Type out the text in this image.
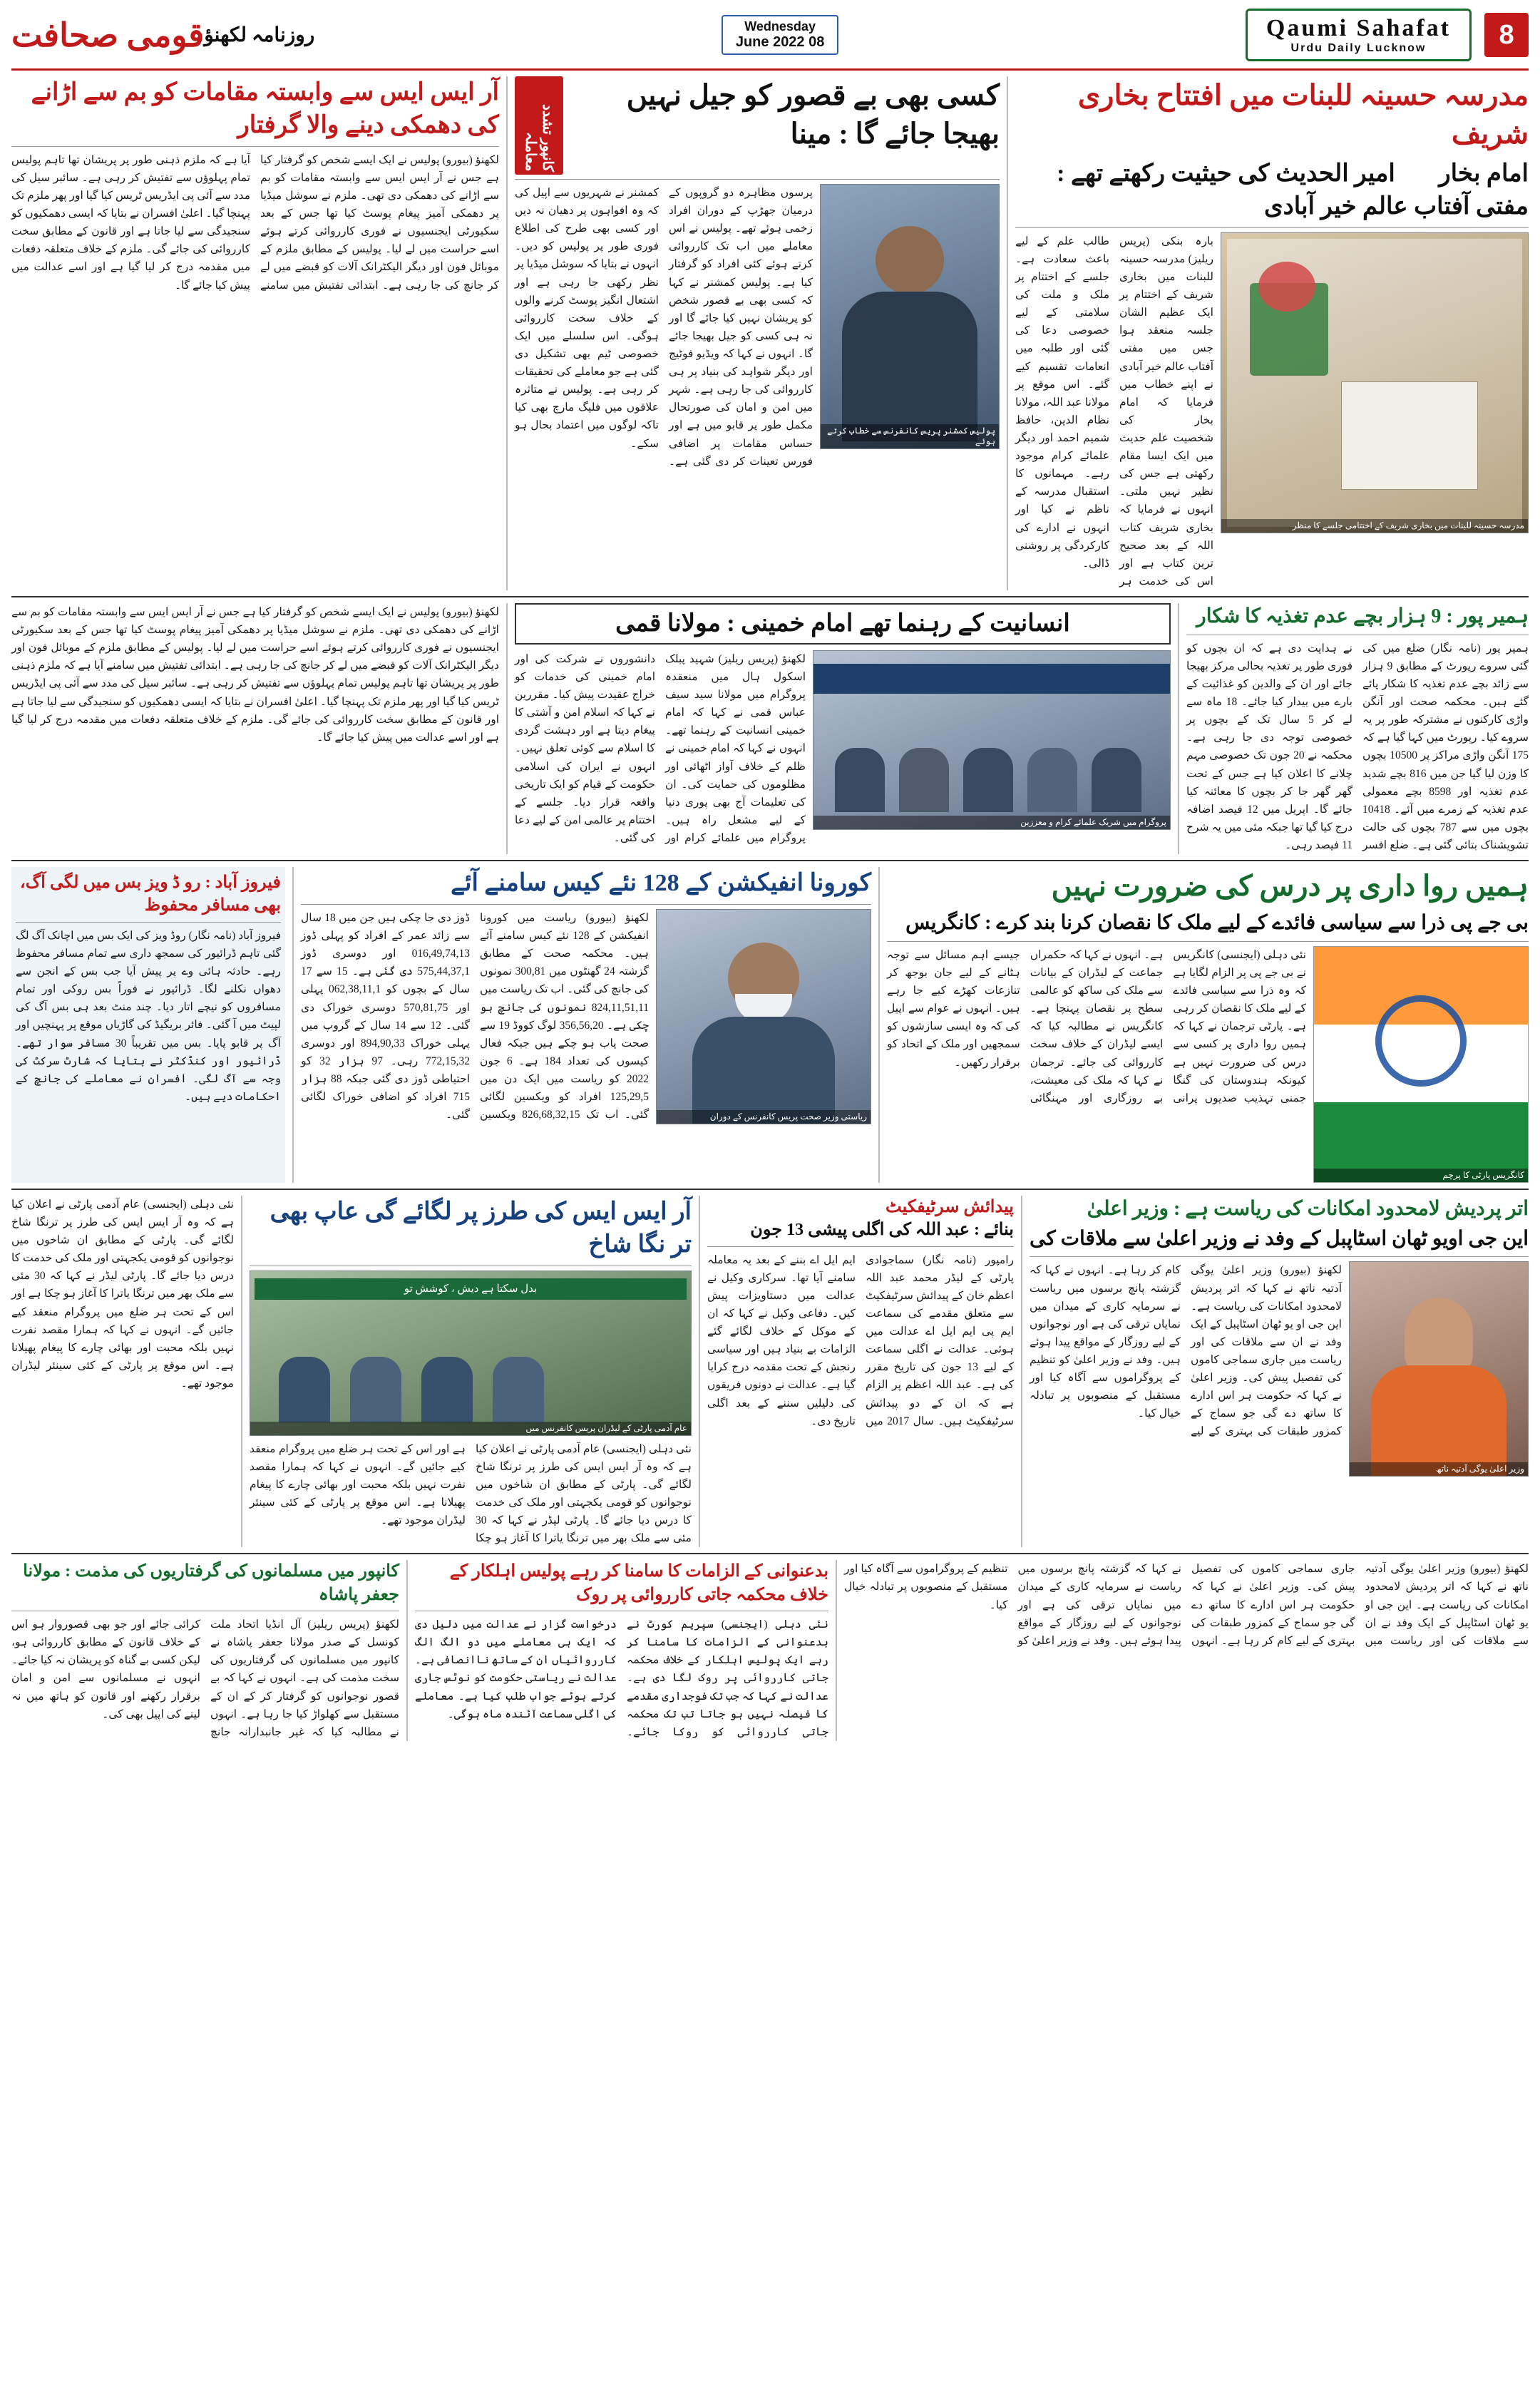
8
Qaumi Sahafat
Urdu Daily Lucknow
Wednesday
08 June 2022
روزنامہ لکھنؤ
قومی صحافت
مدرسہ حسینہ للبنات میں افتتاح بخاری شریف
امام بخاریؒ امیر الحدیث کی حیثیت رکھتے تھے : مفتی آفتاب عالم خیر آبادی
مدرسہ حسینہ للبنات میں بخاری شریف کے اختتامی جلسے کا منظر
بارہ بنکی (پریس ریلیز) مدرسہ حسینہ للبنات میں بخاری شریف کے اختتام پر ایک عظیم الشان جلسہ منعقد ہوا جس میں مفتی آفتاب عالم خیر آبادی نے اپنے خطاب میں فرمایا کہ امام بخاریؒ کی شخصیت علم حدیث میں ایک ایسا مقام رکھتی ہے جس کی نظیر نہیں ملتی۔ انہوں نے فرمایا کہ بخاری شریف کتاب اللہ کے بعد صحیح ترین کتاب ہے اور اس کی خدمت ہر طالب علم کے لیے باعث سعادت ہے۔ جلسے کے اختتام پر ملک و ملت کی سلامتی کے لیے خصوصی دعا کی گئی اور طلبہ میں انعامات تقسیم کیے گئے۔ اس موقع پر مولانا عبد اللہ، مولانا نظام الدین، حافظ شمیم احمد اور دیگر علمائے کرام موجود رہے۔ مہمانوں کا استقبال مدرسہ کے ناظم نے کیا اور انہوں نے ادارے کی کارکردگی پر روشنی ڈالی۔
کسی بھی بے قصور کو جیل نہیں بھیجا جائے گا : مینا
کانپور تشدد معاملہ
پولیس کمشنر پریس کانفرنس سے خطاب کرتے ہوئے
پرسوں مظاہرہ دو گروپوں کے درمیان جھڑپ کے دوران افراد زخمی ہوئے تھے۔ پولیس نے اس معاملے میں اب تک کارروائی کرتے ہوئے کئی افراد کو گرفتار کیا ہے۔ پولیس کمشنر نے کہا کہ کسی بھی بے قصور شخص کو پریشان نہیں کیا جائے گا اور نہ ہی کسی کو جیل بھیجا جائے گا۔ انہوں نے کہا کہ ویڈیو فوٹیج اور دیگر شواہد کی بنیاد پر ہی کارروائی کی جا رہی ہے۔ شہر میں امن و امان کی صورتحال مکمل طور پر قابو میں ہے اور حساس مقامات پر اضافی فورس تعینات کر دی گئی ہے۔ کمشنر نے شہریوں سے اپیل کی کہ وہ افواہوں پر دھیان نہ دیں اور کسی بھی طرح کی اطلاع فوری طور پر پولیس کو دیں۔ انہوں نے بتایا کہ سوشل میڈیا پر نظر رکھی جا رہی ہے اور اشتعال انگیز پوسٹ کرنے والوں کے خلاف سخت کارروائی ہوگی۔ اس سلسلے میں ایک خصوصی ٹیم بھی تشکیل دی گئی ہے جو معاملے کی تحقیقات کر رہی ہے۔ پولیس نے متاثرہ علاقوں میں فلیگ مارچ بھی کیا تاکہ لوگوں میں اعتماد بحال ہو سکے۔
آر ایس ایس سے وابستہ مقامات کو بم سے اڑانے کی دھمکی دینے والا گرفتار
لکھنؤ (بیورو) پولیس نے ایک ایسے شخص کو گرفتار کیا ہے جس نے آر ایس ایس سے وابستہ مقامات کو بم سے اڑانے کی دھمکی دی تھی۔ ملزم نے سوشل میڈیا پر دھمکی آمیز پیغام پوسٹ کیا تھا جس کے بعد سکیورٹی ایجنسیوں نے فوری کارروائی کرتے ہوئے اسے حراست میں لے لیا۔ پولیس کے مطابق ملزم کے موبائل فون اور دیگر الیکٹرانک آلات کو قبضے میں لے کر جانچ کی جا رہی ہے۔ ابتدائی تفتیش میں سامنے آیا ہے کہ ملزم ذہنی طور پر پریشان تھا تاہم پولیس تمام پہلوؤں سے تفتیش کر رہی ہے۔ سائبر سیل کی مدد سے آئی پی ایڈریس ٹریس کیا گیا اور پھر ملزم تک پہنچا گیا۔ اعلیٰ افسران نے بتایا کہ ایسی دھمکیوں کو سنجیدگی سے لیا جاتا ہے اور قانون کے مطابق سخت کارروائی کی جائے گی۔ ملزم کے خلاف متعلقہ دفعات میں مقدمہ درج کر لیا گیا ہے اور اسے عدالت میں پیش کیا جائے گا۔
ہمیر پور : 9 ہزار بچے عدم تغذیہ کا شکار
ہمیر پور (نامہ نگار) ضلع میں کی گئی سروے رپورٹ کے مطابق 9 ہزار سے زائد بچے عدم تغذیہ کا شکار پائے گئے ہیں۔ محکمہ صحت اور آنگن واڑی کارکنوں نے مشترکہ طور پر یہ سروے کیا۔ رپورٹ میں کہا گیا ہے کہ 175 آنگن واڑی مراکز پر 10500 بچوں کا وزن لیا گیا جن میں 816 بچے شدید عدم تغذیہ اور 8598 بچے معمولی عدم تغذیہ کے زمرے میں آئے۔ 10418 بچوں میں سے 787 بچوں کی حالت تشویشناک بتائی گئی ہے۔ ضلع افسر نے ہدایت دی ہے کہ ان بچوں کو فوری طور پر تغذیہ بحالی مرکز بھیجا جائے اور ان کے والدین کو غذائیت کے بارے میں بیدار کیا جائے۔ 18 ماہ سے لے کر 5 سال تک کے بچوں پر خصوصی توجہ دی جا رہی ہے۔ محکمہ نے 20 جون تک خصوصی مہم چلانے کا اعلان کیا ہے جس کے تحت گھر گھر جا کر بچوں کا معائنہ کیا جائے گا۔ اپریل میں 12 فیصد اضافہ درج کیا گیا تھا جبکہ مئی میں یہ شرح 11 فیصد رہی۔
انسانیت کے رہنما تھے امام خمینی : مولانا قمی
پروگرام میں شریک علمائے کرام و معززین
لکھنؤ (پریس ریلیز) شہید پبلک اسکول ہال میں منعقدہ پروگرام میں مولانا سید سیف عباس قمی نے کہا کہ امام خمینی انسانیت کے رہنما تھے۔ انہوں نے کہا کہ امام خمینی نے ظلم کے خلاف آواز اٹھائی اور مظلوموں کی حمایت کی۔ ان کی تعلیمات آج بھی پوری دنیا کے لیے مشعل راہ ہیں۔ پروگرام میں علمائے کرام اور دانشوروں نے شرکت کی اور امام خمینی کی خدمات کو خراج عقیدت پیش کیا۔ مقررین نے کہا کہ اسلام امن و آشتی کا پیغام دیتا ہے اور دہشت گردی کا اسلام سے کوئی تعلق نہیں۔ انہوں نے ایران کی اسلامی حکومت کے قیام کو ایک تاریخی واقعہ قرار دیا۔ جلسے کے اختتام پر عالمی امن کے لیے دعا کی گئی۔
لکھنؤ (بیورو) پولیس نے ایک ایسے شخص کو گرفتار کیا ہے جس نے آر ایس ایس سے وابستہ مقامات کو بم سے اڑانے کی دھمکی دی تھی۔ ملزم نے سوشل میڈیا پر دھمکی آمیز پیغام پوسٹ کیا تھا جس کے بعد سکیورٹی ایجنسیوں نے فوری کارروائی کرتے ہوئے اسے حراست میں لے لیا۔ پولیس کے مطابق ملزم کے موبائل فون اور دیگر الیکٹرانک آلات کو قبضے میں لے کر جانچ کی جا رہی ہے۔ ابتدائی تفتیش میں سامنے آیا ہے کہ ملزم ذہنی طور پر پریشان تھا تاہم پولیس تمام پہلوؤں سے تفتیش کر رہی ہے۔ سائبر سیل کی مدد سے آئی پی ایڈریس ٹریس کیا گیا اور پھر ملزم تک پہنچا گیا۔ اعلیٰ افسران نے بتایا کہ ایسی دھمکیوں کو سنجیدگی سے لیا جاتا ہے اور قانون کے مطابق سخت کارروائی کی جائے گی۔ ملزم کے خلاف متعلقہ دفعات میں مقدمہ درج کر لیا گیا ہے اور اسے عدالت میں پیش کیا جائے گا۔
ہمیں روا داری پر درس کی ضرورت نہیں
بی جے پی ذرا سے سیاسی فائدے کے لیے ملک کا نقصان کرنا بند کرے : کانگریس
کانگریس پارٹی کا پرچم
نئی دہلی (ایجنسی) کانگریس نے بی جے پی پر الزام لگایا ہے کہ وہ ذرا سے سیاسی فائدے کے لیے ملک کا نقصان کر رہی ہے۔ پارٹی ترجمان نے کہا کہ ہمیں روا داری پر کسی سے درس کی ضرورت نہیں ہے کیونکہ ہندوستان کی گنگا جمنی تہذیب صدیوں پرانی ہے۔ انہوں نے کہا کہ حکمراں جماعت کے لیڈران کے بیانات سے ملک کی ساکھ کو عالمی سطح پر نقصان پہنچا ہے۔ کانگریس نے مطالبہ کیا کہ ایسے لیڈران کے خلاف سخت کارروائی کی جائے۔ ترجمان نے کہا کہ ملک کی معیشت، بے روزگاری اور مہنگائی جیسے اہم مسائل سے توجہ ہٹانے کے لیے جان بوجھ کر تنازعات کھڑے کیے جا رہے ہیں۔ انہوں نے عوام سے اپیل کی کہ وہ ایسی سازشوں کو سمجھیں اور ملک کے اتحاد کو برقرار رکھیں۔
کورونا انفیکشن کے 128 نئے کیس سامنے آئے
ریاستی وزیر صحت پریس کانفرنس کے دوران
لکھنؤ (بیورو) ریاست میں کورونا انفیکشن کے 128 نئے کیس سامنے آئے ہیں۔ محکمہ صحت کے مطابق گزشتہ 24 گھنٹوں میں 300,81 نمونوں کی جانچ کی گئی۔ اب تک ریاست میں 824,11,51,11 نمونوں کی جانچ ہو چکی ہے۔ 356,56,20 لوگ کووڈ 19 سے صحت یاب ہو چکے ہیں جبکہ فعال کیسوں کی تعداد 184 ہے۔ 6 جون 2022 کو ریاست میں ایک دن میں 125,29,5 افراد کو ویکسین لگائی گئی۔ اب تک 826,68,32,15 ویکسین ڈوز دی جا چکی ہیں جن میں 18 سال سے زائد عمر کے افراد کو پہلی ڈوز 016,49,74,13 اور دوسری ڈوز 575,44,37,1 دی گئی ہے۔ 15 سے 17 سال کے بچوں کو 062,38,11,1 پہلی اور 570,81,75 دوسری خوراک دی گئی۔ 12 سے 14 سال کے گروپ میں پہلی خوراک 894,90,33 اور دوسری 772,15,32 رہی۔ 97 ہزار 32 کو احتیاطی ڈوز دی گئی جبکہ 88 ہزار 715 افراد کو اضافی خوراک لگائی گئی۔
فیروز آباد : رو ڈ ویز بس میں لگی آگ، بھی مسافر محفوظ
فیروز آباد (نامہ نگار) روڈ ویز کی ایک بس میں اچانک آگ لگ گئی تاہم ڈرائیور کی سمجھ داری سے تمام مسافر محفوظ رہے۔ حادثہ ہائی وے پر پیش آیا جب بس کے انجن سے دھواں نکلنے لگا۔ ڈرائیور نے فوراً بس روکی اور تمام مسافروں کو نیچے اتار دیا۔ چند منٹ بعد ہی بس آگ کی لپیٹ میں آ گئی۔ فائر بریگیڈ کی گاڑیاں موقع پر پہنچیں اور آگ پر قابو پایا۔ بس میں تقریباً 30 مسافر سوار تھے۔ ڈرائیور اور کنڈکٹر نے بتایا کہ شارٹ سرکٹ کی وجہ سے آگ لگی۔ افسران نے معاملے کی جانچ کے احکامات دیے ہیں۔
اتر پردیش لامحدود امکانات کی ریاست ہے : وزیر اعلیٰ
این جی اویو ٹھان اسٹاپبل کے وفد نے وزیر اعلیٰ سے ملاقات کی
وزیر اعلیٰ یوگی آدتیہ ناتھ
لکھنؤ (بیورو) وزیر اعلیٰ یوگی آدتیہ ناتھ نے کہا کہ اتر پردیش لامحدود امکانات کی ریاست ہے۔ این جی او یو ٹھان اسٹاپبل کے ایک وفد نے ان سے ملاقات کی اور ریاست میں جاری سماجی کاموں کی تفصیل پیش کی۔ وزیر اعلیٰ نے کہا کہ حکومت ہر اس ادارے کا ساتھ دے گی جو سماج کے کمزور طبقات کی بہتری کے لیے کام کر رہا ہے۔ انہوں نے کہا کہ گزشتہ پانچ برسوں میں ریاست نے سرمایہ کاری کے میدان میں نمایاں ترقی کی ہے اور نوجوانوں کے لیے روزگار کے مواقع پیدا ہوئے ہیں۔ وفد نے وزیر اعلیٰ کو تنظیم کے پروگراموں سے آگاہ کیا اور مستقبل کے منصوبوں پر تبادلہ خیال کیا۔
پیدائش سرٹیفکیٹ
بنائے : عبد اللہ کی اگلی پیشی 13 جون
رامپور (نامہ نگار) سماجوادی پارٹی کے لیڈر محمد عبد اللہ اعظم خان کے پیدائش سرٹیفکیٹ سے متعلق مقدمے کی سماعت ایم پی ایم ایل اے عدالت میں ہوئی۔ عدالت نے اگلی سماعت کے لیے 13 جون کی تاریخ مقرر کی ہے۔ عبد اللہ اعظم پر الزام ہے کہ ان کے دو پیدائش سرٹیفکیٹ ہیں۔ سال 2017 میں ایم ایل اے بننے کے بعد یہ معاملہ سامنے آیا تھا۔ سرکاری وکیل نے عدالت میں دستاویزات پیش کیں۔ دفاعی وکیل نے کہا کہ ان کے موکل کے خلاف لگائے گئے الزامات بے بنیاد ہیں اور سیاسی رنجش کے تحت مقدمہ درج کرایا گیا ہے۔ عدالت نے دونوں فریقوں کی دلیلیں سننے کے بعد اگلی تاریخ دی۔
آر ایس ایس کی طرز پر لگائے گی عاپ بھی تر نگا شاخ
بدل سکتا ہے دیش ، کوشش تو
عام آدمی پارٹی کے لیڈران پریس کانفرنس میں
نئی دہلی (ایجنسی) عام آدمی پارٹی نے اعلان کیا ہے کہ وہ آر ایس ایس کی طرز پر ترنگا شاخ لگائے گی۔ پارٹی کے مطابق ان شاخوں میں نوجوانوں کو قومی یکجہتی اور ملک کی خدمت کا درس دیا جائے گا۔ پارٹی لیڈر نے کہا کہ 30 مئی سے ملک بھر میں ترنگا یاترا کا آغاز ہو چکا ہے اور اس کے تحت ہر ضلع میں پروگرام منعقد کیے جائیں گے۔ انہوں نے کہا کہ ہمارا مقصد نفرت نہیں بلکہ محبت اور بھائی چارے کا پیغام پھیلانا ہے۔ اس موقع پر پارٹی کے کئی سینئر لیڈران موجود تھے۔
نئی دہلی (ایجنسی) عام آدمی پارٹی نے اعلان کیا ہے کہ وہ آر ایس ایس کی طرز پر ترنگا شاخ لگائے گی۔ پارٹی کے مطابق ان شاخوں میں نوجوانوں کو قومی یکجہتی اور ملک کی خدمت کا درس دیا جائے گا۔ پارٹی لیڈر نے کہا کہ 30 مئی سے ملک بھر میں ترنگا یاترا کا آغاز ہو چکا ہے اور اس کے تحت ہر ضلع میں پروگرام منعقد کیے جائیں گے۔ انہوں نے کہا کہ ہمارا مقصد نفرت نہیں بلکہ محبت اور بھائی چارے کا پیغام پھیلانا ہے۔ اس موقع پر پارٹی کے کئی سینئر لیڈران موجود تھے۔
لکھنؤ (بیورو) وزیر اعلیٰ یوگی آدتیہ ناتھ نے کہا کہ اتر پردیش لامحدود امکانات کی ریاست ہے۔ این جی او یو ٹھان اسٹاپبل کے ایک وفد نے ان سے ملاقات کی اور ریاست میں جاری سماجی کاموں کی تفصیل پیش کی۔ وزیر اعلیٰ نے کہا کہ حکومت ہر اس ادارے کا ساتھ دے گی جو سماج کے کمزور طبقات کی بہتری کے لیے کام کر رہا ہے۔ انہوں نے کہا کہ گزشتہ پانچ برسوں میں ریاست نے سرمایہ کاری کے میدان میں نمایاں ترقی کی ہے اور نوجوانوں کے لیے روزگار کے مواقع پیدا ہوئے ہیں۔ وفد نے وزیر اعلیٰ کو تنظیم کے پروگراموں سے آگاہ کیا اور مستقبل کے منصوبوں پر تبادلہ خیال کیا۔
بدعنوانی کے الزامات کا سامنا کر رہے پولیس اہلکار کے خلاف محکمہ جاتی کارروائی پر روک
نئی دہلی (ایجنسی) سپریم کورٹ نے بدعنوانی کے الزامات کا سامنا کر رہے ایک پولیس اہلکار کے خلاف محکمہ جاتی کارروائی پر روک لگا دی ہے۔ عدالت نے کہا کہ جب تک فوجداری مقدمے کا فیصلہ نہیں ہو جاتا تب تک محکمہ جاتی کارروائی کو روکا جائے۔ درخواست گزار نے عدالت میں دلیل دی کہ ایک ہی معاملے میں دو الگ الگ کارروائیاں ان کے ساتھ ناانصافی ہے۔ عدالت نے ریاستی حکومت کو نوٹس جاری کرتے ہوئے جواب طلب کیا ہے۔ معاملے کی اگلی سماعت آئندہ ماہ ہوگی۔
کانپور میں مسلمانوں کی گرفتاریوں کی مذمت : مولانا جعفر پاشاہ
لکھنؤ (پریس ریلیز) آل انڈیا اتحاد ملت کونسل کے صدر مولانا جعفر پاشاہ نے کانپور میں مسلمانوں کی گرفتاریوں کی سخت مذمت کی ہے۔ انہوں نے کہا کہ بے قصور نوجوانوں کو گرفتار کر کے ان کے مستقبل سے کھلواڑ کیا جا رہا ہے۔ انہوں نے مطالبہ کیا کہ غیر جانبدارانہ جانچ کرائی جائے اور جو بھی قصوروار ہو اس کے خلاف قانون کے مطابق کارروائی ہو، لیکن کسی بے گناہ کو پریشان نہ کیا جائے۔ انہوں نے مسلمانوں سے امن و امان برقرار رکھنے اور قانون کو ہاتھ میں نہ لینے کی اپیل بھی کی۔
